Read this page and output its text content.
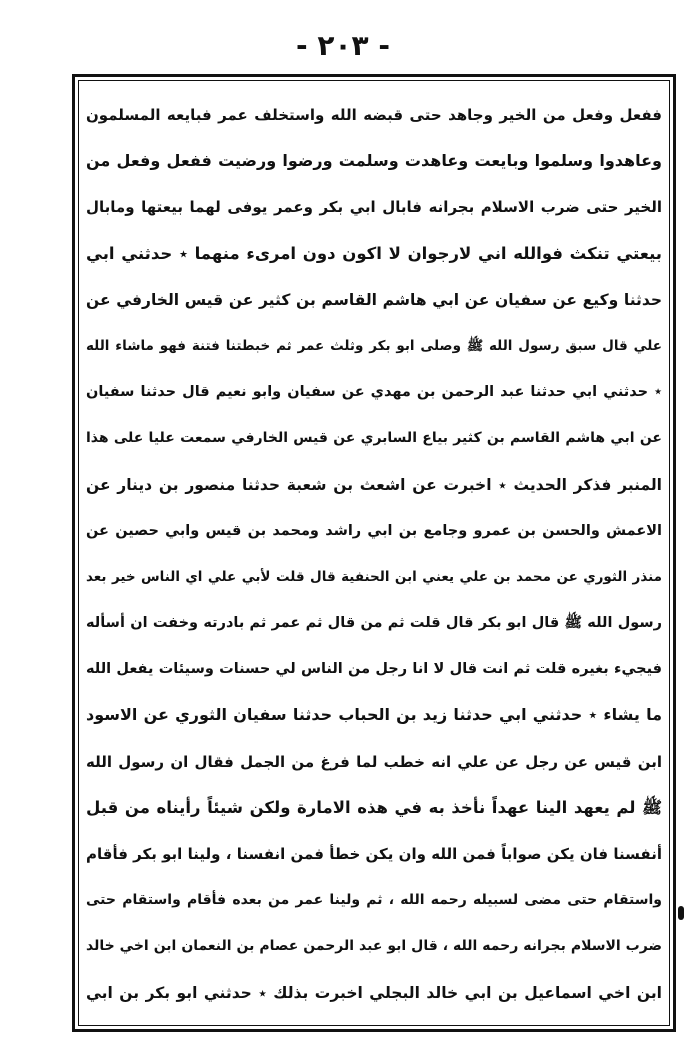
- ٢٠٣ -
ففعل وفعل من الخير وجاهد حتى قبضه الله واستخلف عمر فبايعه المسلمون
وعاهدوا وسلموا وبايعت وعاهدت وسلمت ورضوا ورضيت ففعل وفعل من
الخير حتى ضرب الاسلام بجرانه فابال ابي بكر وعمر يوفى لهما بيعتها ومابال
بيعتي تنكث فوالله اني لارجوان لا اكون دون امرىء منهما ٭ حدثني ابي
حدثنا وكيع عن سفيان عن ابي هاشم القاسم بن كثير عن قيس الخارفي عن
علي قال سبق رسول الله ﷺ وصلى ابو بكر وثلث عمر ثم خبطتنا فتنة فهو ماشاء الله
٭ حدثني ابي حدثنا عبد الرحمن بن مهدي عن سفيان وابو نعيم قال حدثنا سفيان
عن ابي هاشم القاسم بن كثير بياع السابري عن قيس الخارفي سمعت عليا على هذا
المنبر فذكر الحديث ٭ اخبرت عن اشعث بن شعبة حدثنا منصور بن دينار عن
الاعمش والحسن بن عمرو وجامع بن ابي راشد ومحمد بن قيس وابي حصين عن
منذر الثوري عن محمد بن علي يعني ابن الحنفية قال قلت لأبي علي اي الناس خير بعد
رسول الله ﷺ قال ابو بكر قال قلت ثم من قال ثم عمر ثم بادرته وخفت ان أسأله
فيجيء بغيره قلت ثم انت قال لا انا رجل من الناس لي حسنات وسيئات يفعل الله
ما يشاء ٭ حدثني ابي حدثنا زيد بن الحباب حدثنا سفيان الثوري عن الاسود
ابن قيس عن رجل عن علي انه خطب لما فرغ من الجمل فقال ان رسول الله
ﷺ لم يعهد الينا عهداً نأخذ به في هذه الامارة ولكن شيئاً رأيناه من قبل
أنفسنا فان يكن صواباً فمن الله وان يكن خطأ فمن انفسنا ، ولينا ابو بكر فأقام
واستقام حتى مضى لسبيله رحمه الله ، ثم ولينا عمر من بعده فأقام واستقام حتى
ضرب الاسلام بجرانه رحمه الله ، قال ابو عبد الرحمن عصام بن النعمان ابن اخي خالد
ابن اخي اسماعيل بن ابي خالد البجلي اخبرت بذلك ٭ حدثني ابو بكر بن ابي
